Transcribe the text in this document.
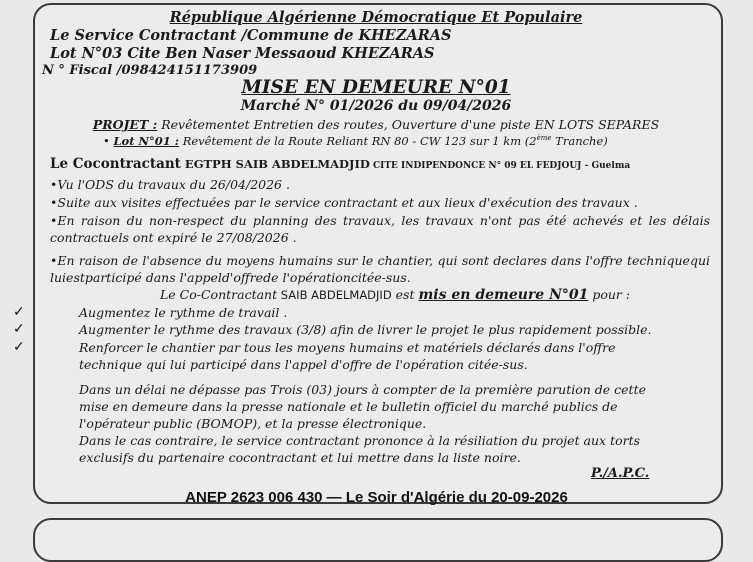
République Algérienne Démocratique Et Populaire
Le Service Contractant /Commune de KHEZARAS
Lot N°03 Cite Ben Naser Messaoud KHEZARAS
N ° Fiscal /098424151173909
MISE EN DEMEURE N°01
Marché N° 01/2026 du 09/04/2026
PROJET : Revêtementet Entretien des routes, Ouverture d'une piste EN LOTS SEPARES
• Lot N°01 : Revêtement de la Route Reliant RN 80 - CW 123 sur 1 km (2ème Tranche)
Le Cocontractant EGTPH SAIB ABDELMADJID CITE INDIPENDONCE N° 09 EL FEDJOUJ - Guelma
•Vu l'ODS du travaux du 26/04/2026 .
•Suite aux visites effectuées par le service contractant et aux lieux d'exécution des travaux .
•En raison du non-respect du planning des travaux, les travaux n'ont pas été achevés et les délais contractuels ont expiré le 27/08/2026 .
•En raison de l'absence du moyens humains sur le chantier, qui sont declares dans l'offre techniquequi luiestparticipé dans l'appeld'offrede l'opérationcitée-sus.
Le Co-Contractant SAIB ABDELMADJID est mis en demeure N°01 pour :
✓	Augmentez le rythme de travail .
✓	Augmenter le rythme des travaux (3/8) afin de livrer le projet le plus rapidement possible.
✓	Renforcer le chantier par tous les moyens humains et matériels déclarés dans l'offre technique qui lui participé dans l'appel d'offre de l'opération citée-sus.
Dans un délai ne dépasse pas Trois (03) jours à compter de la première parution de cette mise en demeure dans la presse nationale et le bulletin officiel du marché publics de l'opérateur public (BOMOP), et la presse électronique.
Dans le cas contraire, le service contractant prononce à la résiliation du projet aux torts exclusifs du partenaire cocontractant et lui mettre dans la liste noire.
P./A.P.C.
ANEP 2623 006 430 — Le Soir d'Algérie du 20-09-2026
